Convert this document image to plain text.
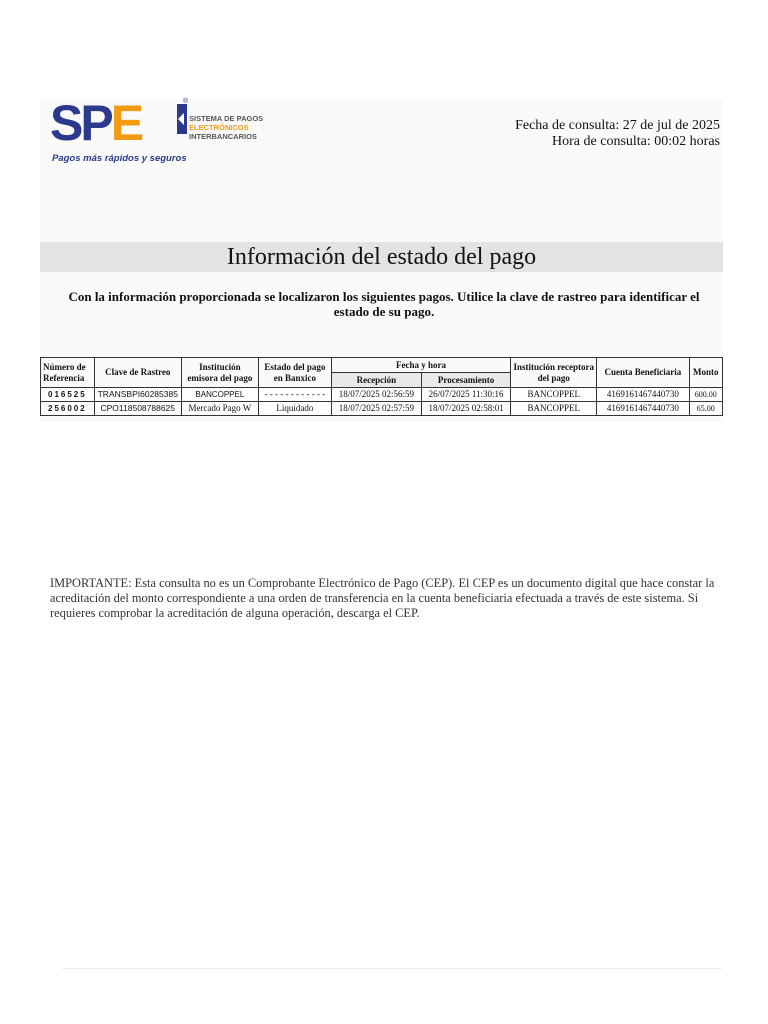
SPE	®
SISTEMA DE PAGOS
ELECTRÓNICOS
INTERBANCARIOS
Pagos más rápidos y seguros
Fecha de consulta: 27 de jul de 2025
Hora de consulta: 00:02 horas
Información del estado del pago
Con la información proporcionada se localizaron los siguientes pagos. Utilice la clave de rastreo para identificar el estado de su pago.
Número de Referencia	Clave de Rastreo	Institución emisora del pago	Estado del pago en Banxico	Fecha y hora		Institución receptora del pago	Cuenta Beneficiaria	Monto
				Recepción	Procesamiento			
016525	TRANSBPI60285385	BANCOPPEL	- - - - - - - - - - - -	18/07/2025 02:56:59	26/07/2025 11:30:16	BANCOPPEL	4169161467440730	600.00
256002	CPO118508788625	Mercado Pago W	Liquidado	18/07/2025 02:57:59	18/07/2025 02:58:01	BANCOPPEL	4169161467440730	65.00
IMPORTANTE: Esta consulta no es un Comprobante Electrónico de Pago (CEP). El CEP es un documento digital que hace constar la acreditación del monto correspondiente a una orden de transferencia en la cuenta beneficiaria efectuada a través de este sistema. Si requieres comprobar la acreditación de alguna operación, descarga el CEP.
